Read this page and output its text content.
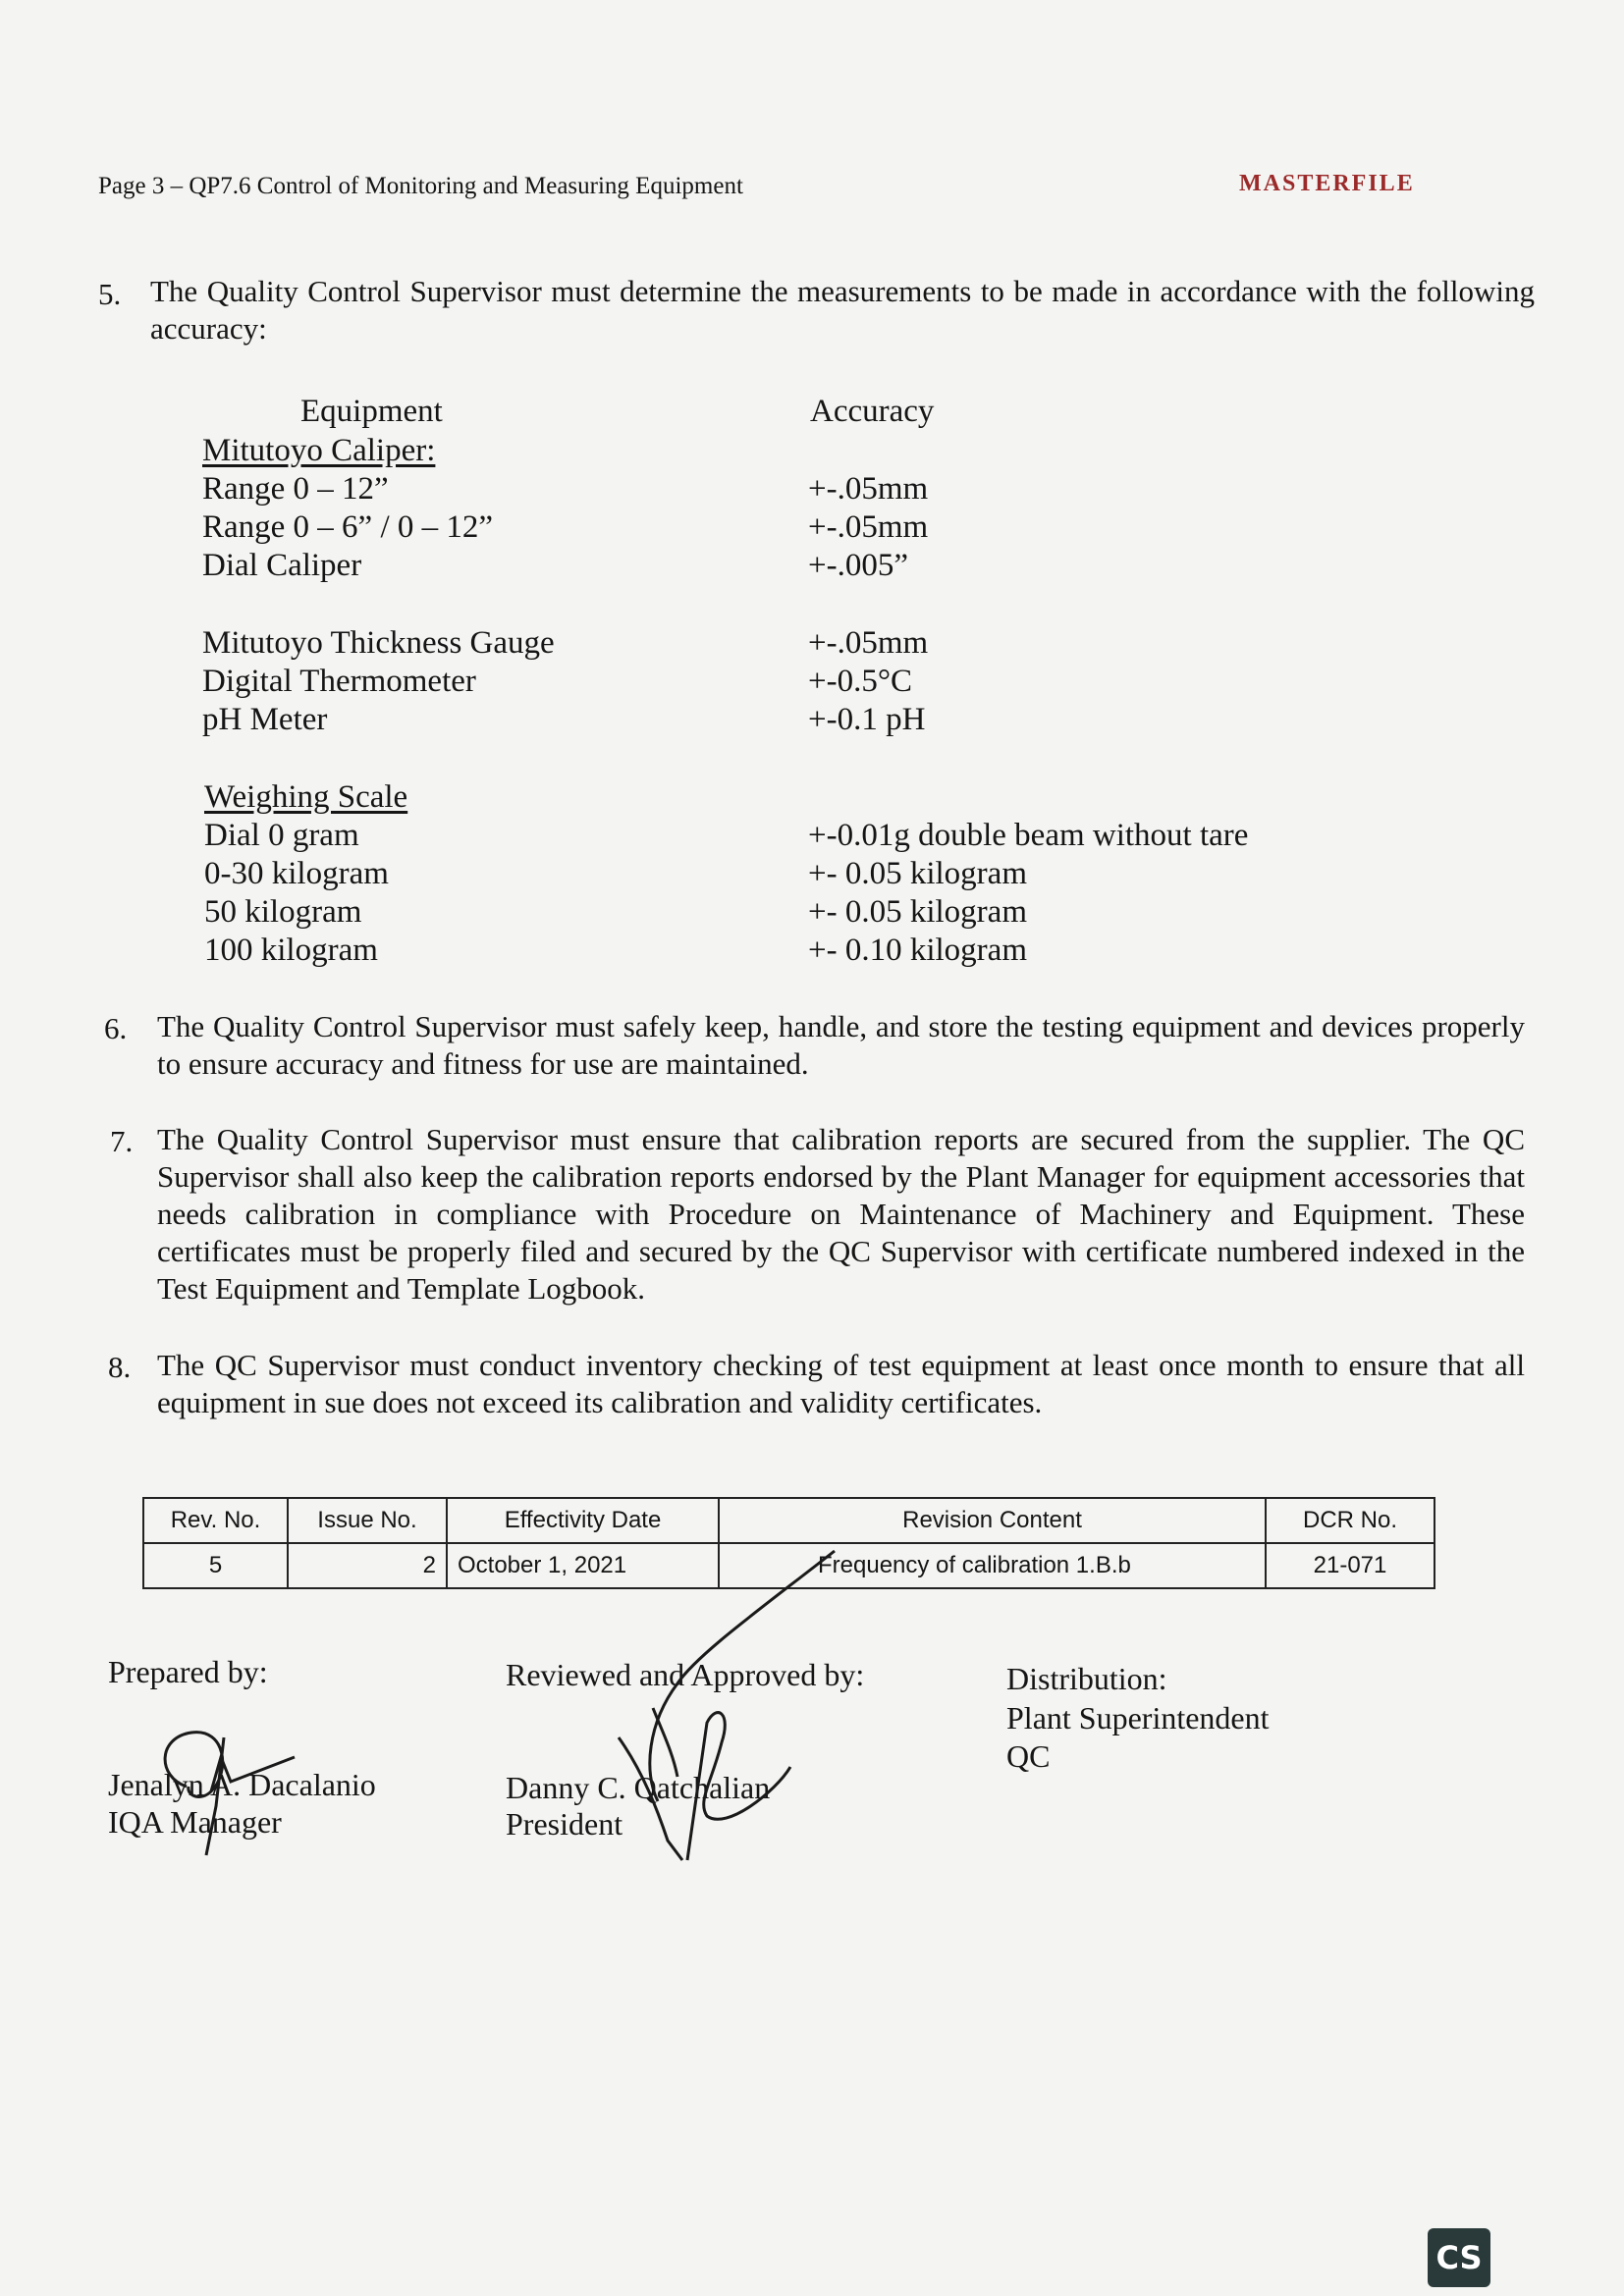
Page 3 – QP7.6 Control of Monitoring and Measuring Equipment	MASTERFILE
5. The Quality Control Supervisor must determine the measurements to be made in accordance with the following accuracy:
Equipment	Accuracy
Mitutoyo Caliper:
Range 0 – 12”	+-.05mm
Range 0 – 6” / 0 – 12”	+-.05mm
Dial Caliper	+-.005”
Mitutoyo Thickness Gauge	+-.05mm
Digital Thermometer	+-0.5°C
pH Meter	+-0.1 pH
Weighing Scale
Dial 0 gram	+-0.01g double beam without tare
0-30 kilogram	+- 0.05 kilogram
50 kilogram	+- 0.05 kilogram
100 kilogram	+- 0.10 kilogram
6. The Quality Control Supervisor must safely keep, handle, and store the testing equipment and devices properly to ensure accuracy and fitness for use are maintained.
7. The Quality Control Supervisor must ensure that calibration reports are secured from the supplier. The QC Supervisor shall also keep the calibration reports endorsed by the Plant Manager for equipment accessories that needs calibration in compliance with Procedure on Maintenance of Machinery and Equipment. These certificates must be properly filed and secured by the QC Supervisor with certificate numbered indexed in the Test Equipment and Template Logbook.
8. The QC Supervisor must conduct inventory checking of test equipment at least once month to ensure that all equipment in sue does not exceed its calibration and validity certificates.
Rev. No.	Issue No.	Effectivity Date	Revision Content	DCR No.
5	2	October 1, 2021	Frequency of calibration 1.B.b	21-071
Prepared by:
Jenalyn A. Dacalanio
IQA Manager
Reviewed and Approved by:
Danny C. Qatchalian
President
Distribution:
Plant Superintendent
QC
CS
